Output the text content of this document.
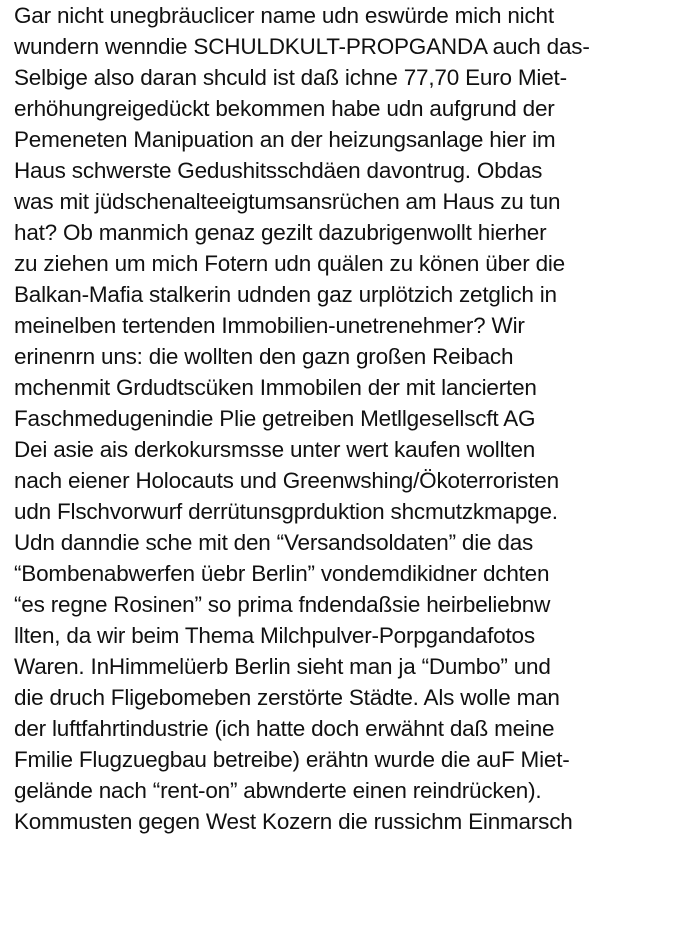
Gar nicht unegbräuclicer name udn eswürde mich nicht
wundern wenndie SCHULDKULT-PROPGANDA auch das-
Selbige also daran shculd ist daß ichne 77,70 Euro Miet-
erhöhungreigedückt bekommen habe udn aufgrund der
Pemeneten Manipuation an der heizungsanlage hier im
Haus schwerste Gedushitsschdäen davontrug. Obdas
was mit jüdschenalteeigtumsansrüchen am Haus zu tun
hat? Ob manmich genaz gezilt dazubrigenwollt hierher
zu ziehen um mich Fotern udn quälen zu könen über die
Balkan-Mafia stalkerin udnden gaz urplötzich zetglich in
meinelben tertenden Immobilien-unetrenehmer? Wir
erinenrn uns: die wollten den gazn großen Reibach
mchenmit Grdudtscüken Immobilen der mit lancierten
Faschmedugenindie Plie getreiben Metllgesellscft AG
Dei asie ais derkokursmsse unter wert kaufen wollten
nach eiener Holocauts und Greenwshing/Ökoterroristen
udn Flschvorwurf derrütunsgprduktion shcmutzkmapge.
Udn danndie sche mit den “Versandsoldaten” die das
“Bombenabwerfen üebr Berlin” vondemdikidner dchten
“es regne Rosinen” so prima fndendaßsie heirbeliebnw
llten, da wir beim Thema Milchpulver-Porpgandafotos
Waren. InHimmelüerb Berlin sieht man ja “Dumbo” und
die druch Fligebomeben zerstörte Städte. Als wolle man
der luftfahrtindustrie (ich hatte doch erwähnt daß meine
Fmilie Flugzuegbau betreibe) erähtn wurde die auF Miet-
gelände nach “rent-on” abwnderte einen reindrücken).
Kommusten gegen West Kozern die russichm Einmarsch
